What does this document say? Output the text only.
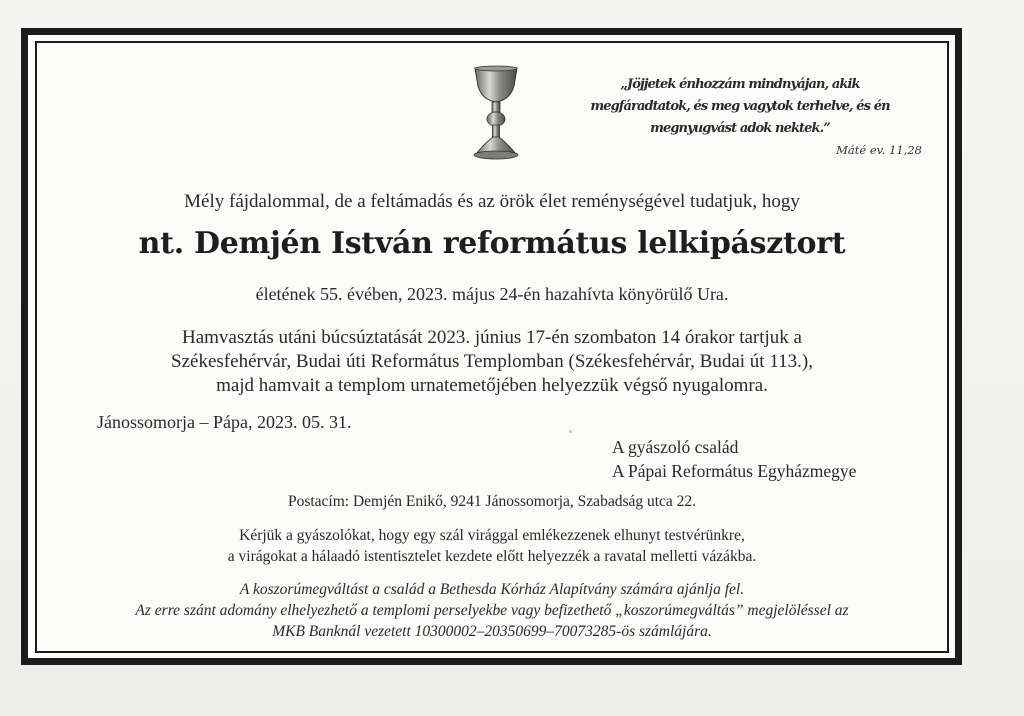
„Jöjjetek énhozzám mindnyájan, akik
megfáradtatok, és meg vagytok terhelve, és én
megnyugvást adok nektek.”
Máté ev. 11,28
Mély fájdalommal, de a feltámadás és az örök élet reménységével tudatjuk, hogy
nt. Demjén István református lelkipásztort
életének 55. évében, 2023. május 24-én hazahívta könyörülő Ura.
Hamvasztás utáni búcsúztatását 2023. június 17-én szombaton 14 órakor tartjuk a
Székesfehérvár, Budai úti Református Templomban (Székesfehérvár, Budai út 113.),
majd hamvait a templom urnatemetőjében helyezzük végső nyugalomra.
Jánossomorja – Pápa, 2023. 05. 31.
A gyászoló család
A Pápai Református Egyházmegye
Postacím: Demjén Enikő, 9241 Jánossomorja, Szabadság utca 22.
Kérjük a gyászolókat, hogy egy szál virággal emlékezzenek elhunyt testvérünkre,
a virágokat a hálaadó istentisztelet kezdete előtt helyezzék a ravatal melletti vázákba.
A koszorúmegváltást a család a Bethesda Kórház Alapítvány számára ajánlja fel.
Az erre szánt adomány elhelyezhető a templomi perselyekbe vagy befizethető „koszorúmegváltás” megjelöléssel az
MKB Banknál vezetett 10300002–20350699–70073285-ös számlájára.
